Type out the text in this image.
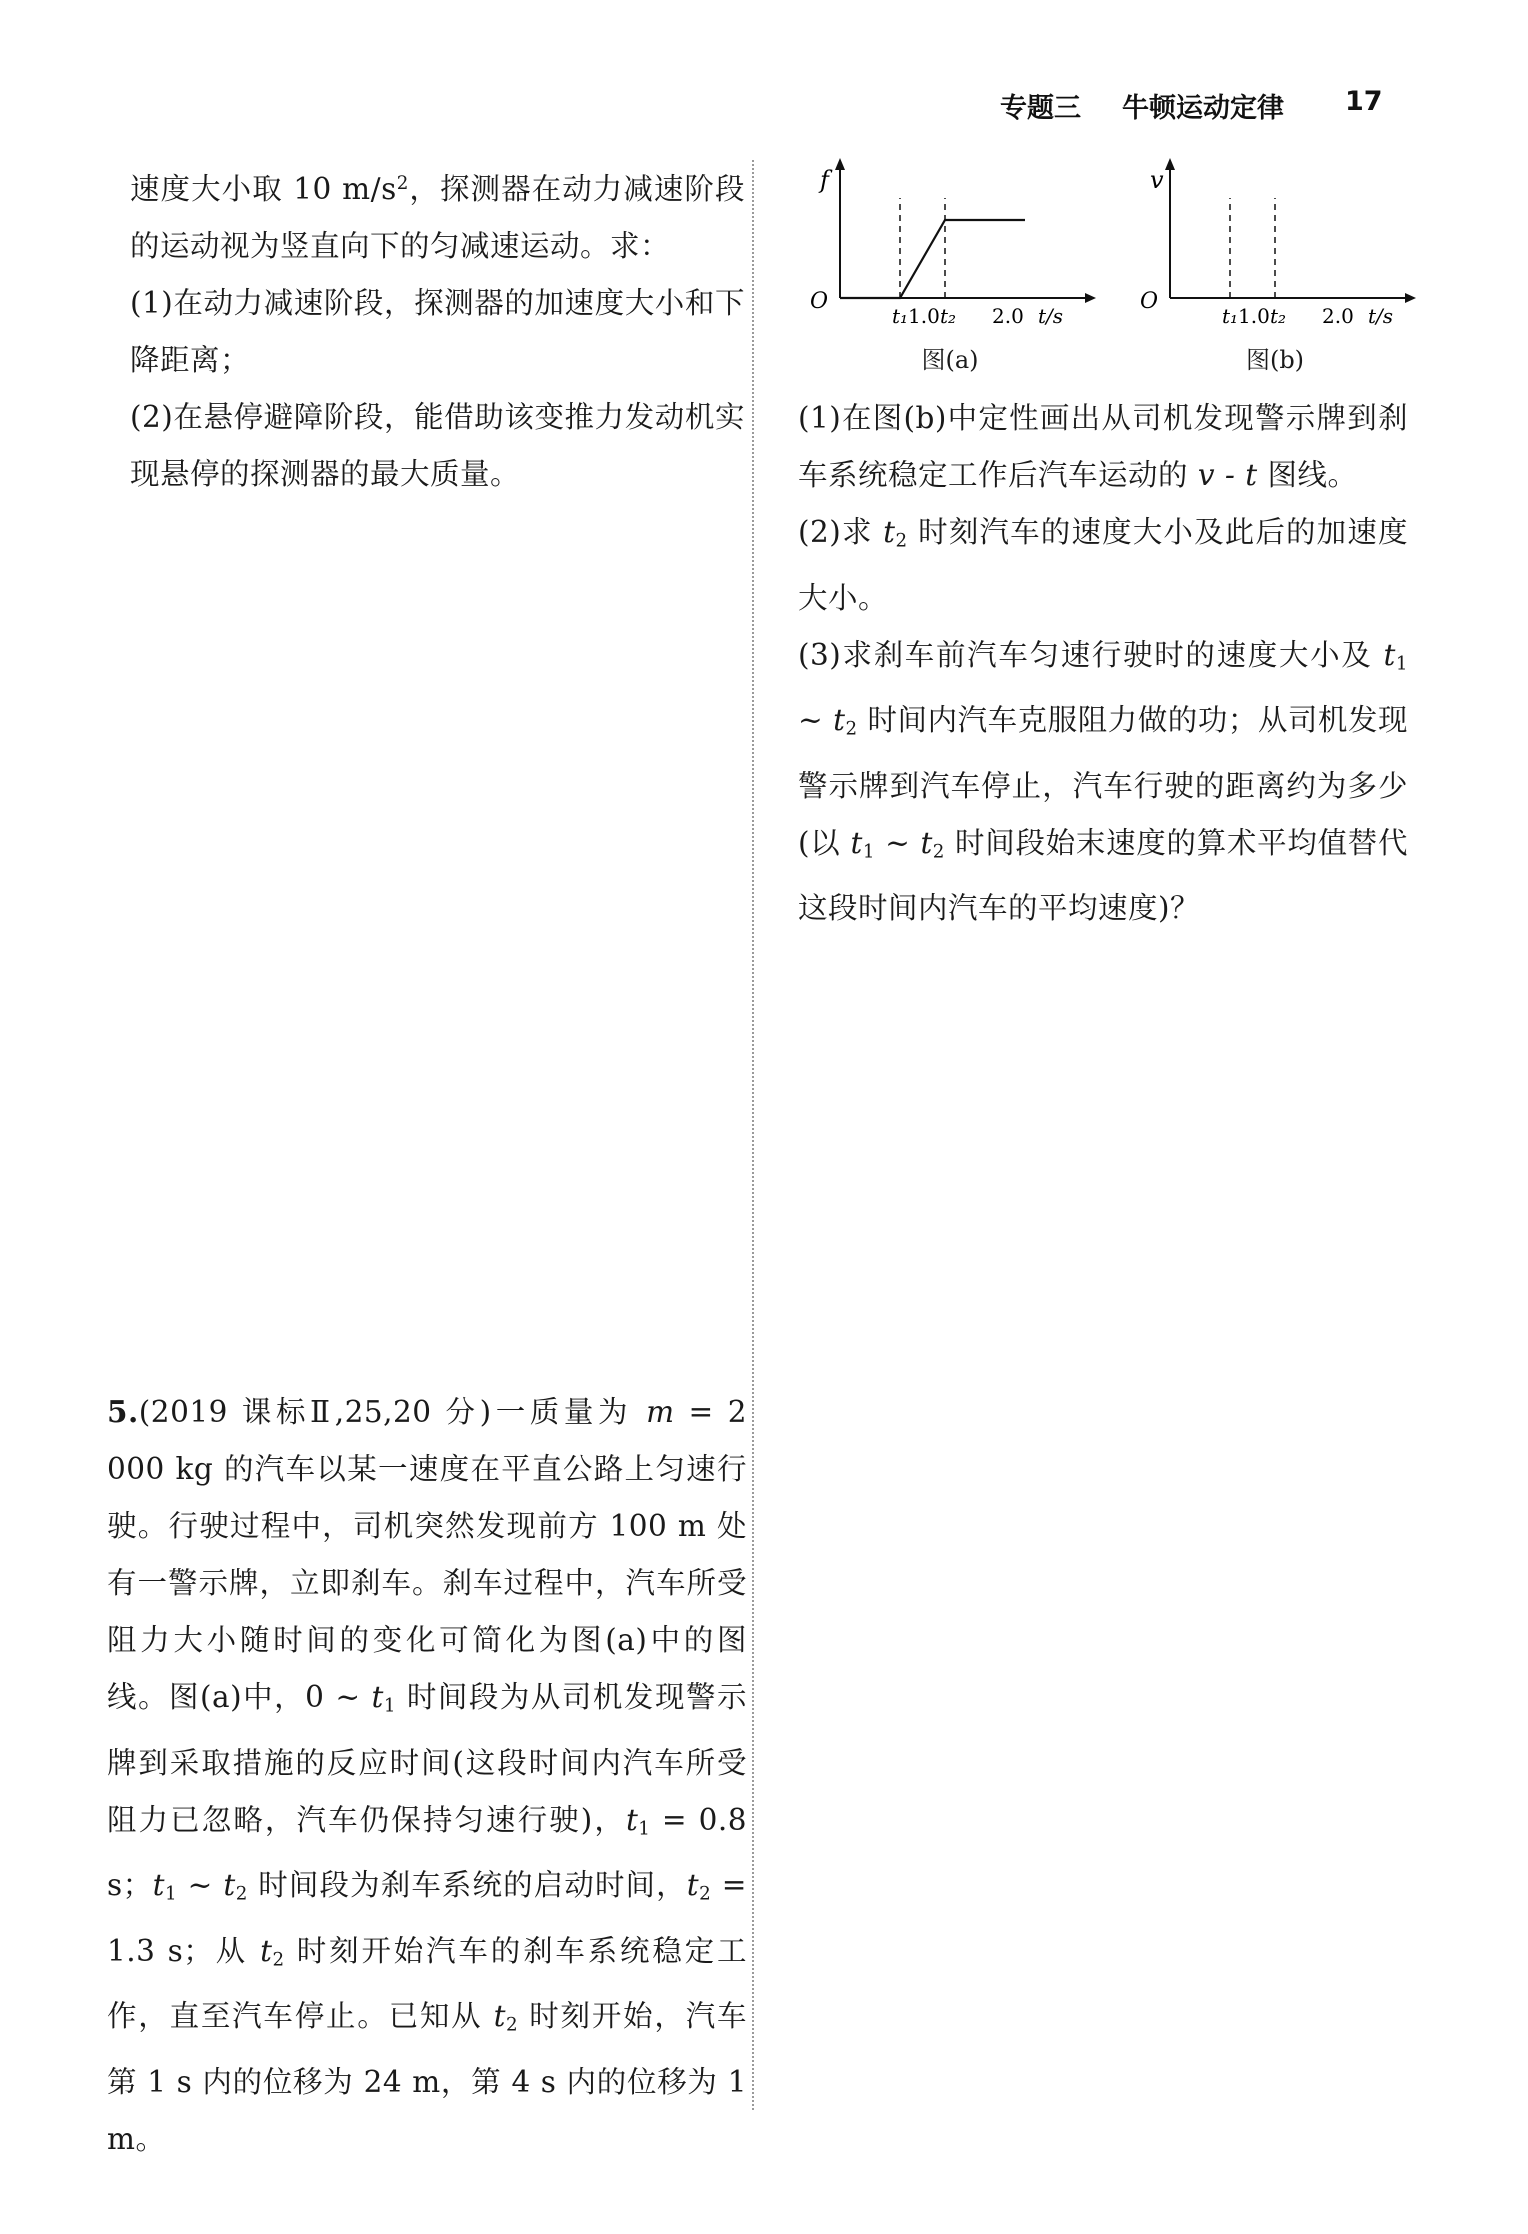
专题三 牛顿运动定律 17

速度大小取 10 $m/s^2$，探测器在动力减速阶段的运动视为竖直向下的匀减速运动。求：

(1)在动力减速阶段，探测器的加速度大小和下降距离；

(2)在悬停避障阶段，能借助该变推力发动机实现悬停的探测器的最大质量。

f
O
t₁ 1.0 t₂ 2.0 t/s
图(a)
v
O
t₁ 1.0 t₂ 2.0 t/s
图(b)

(1)在图(b)中定性画出从司机发现警示牌到刹车系统稳定工作后汽车运动的 v - t 图线。

(2)求 $t_2$ 时刻汽车的速度大小及此后的加速度大小。

(3)求刹车前汽车匀速行驶时的速度大小及 $t_1$ ~ $t_2$ 时间内汽车克服阻力做的功；从司机发现警示牌到汽车停止，汽车行驶的距离约为多少(以 $t_1$ ~ $t_2$ 时间段始末速度的算术平均值替代这段时间内汽车的平均速度)？

5.(2019 课标Ⅱ,25,20 分)一质量为 m = 2 000 kg 的汽车以某一速度在平直公路上匀速行驶。行驶过程中，司机突然发现前方 100 m 处有一警示牌，立即刹车。刹车过程中，汽车所受阻力大小随时间的变化可简化为图(a)中的图线。图(a)中，0 ~ $t_1$ 时间段为从司机发现警示牌到采取措施的反应时间(这段时间内汽车所受阻力已忽略，汽车仍保持匀速行驶)，$t_1 = 0.8$ s；$t_1$ ~ $t_2$ 时间段为刹车系统的启动时间，$t_2 = 1.3$ s；从 $t_2$ 时刻开始汽车的刹车系统稳定工作，直至汽车停止。已知从 $t_2$ 时刻开始，汽车第 1 s 内的位移为 24 m，第 4 s 内的位移为 1 m。
